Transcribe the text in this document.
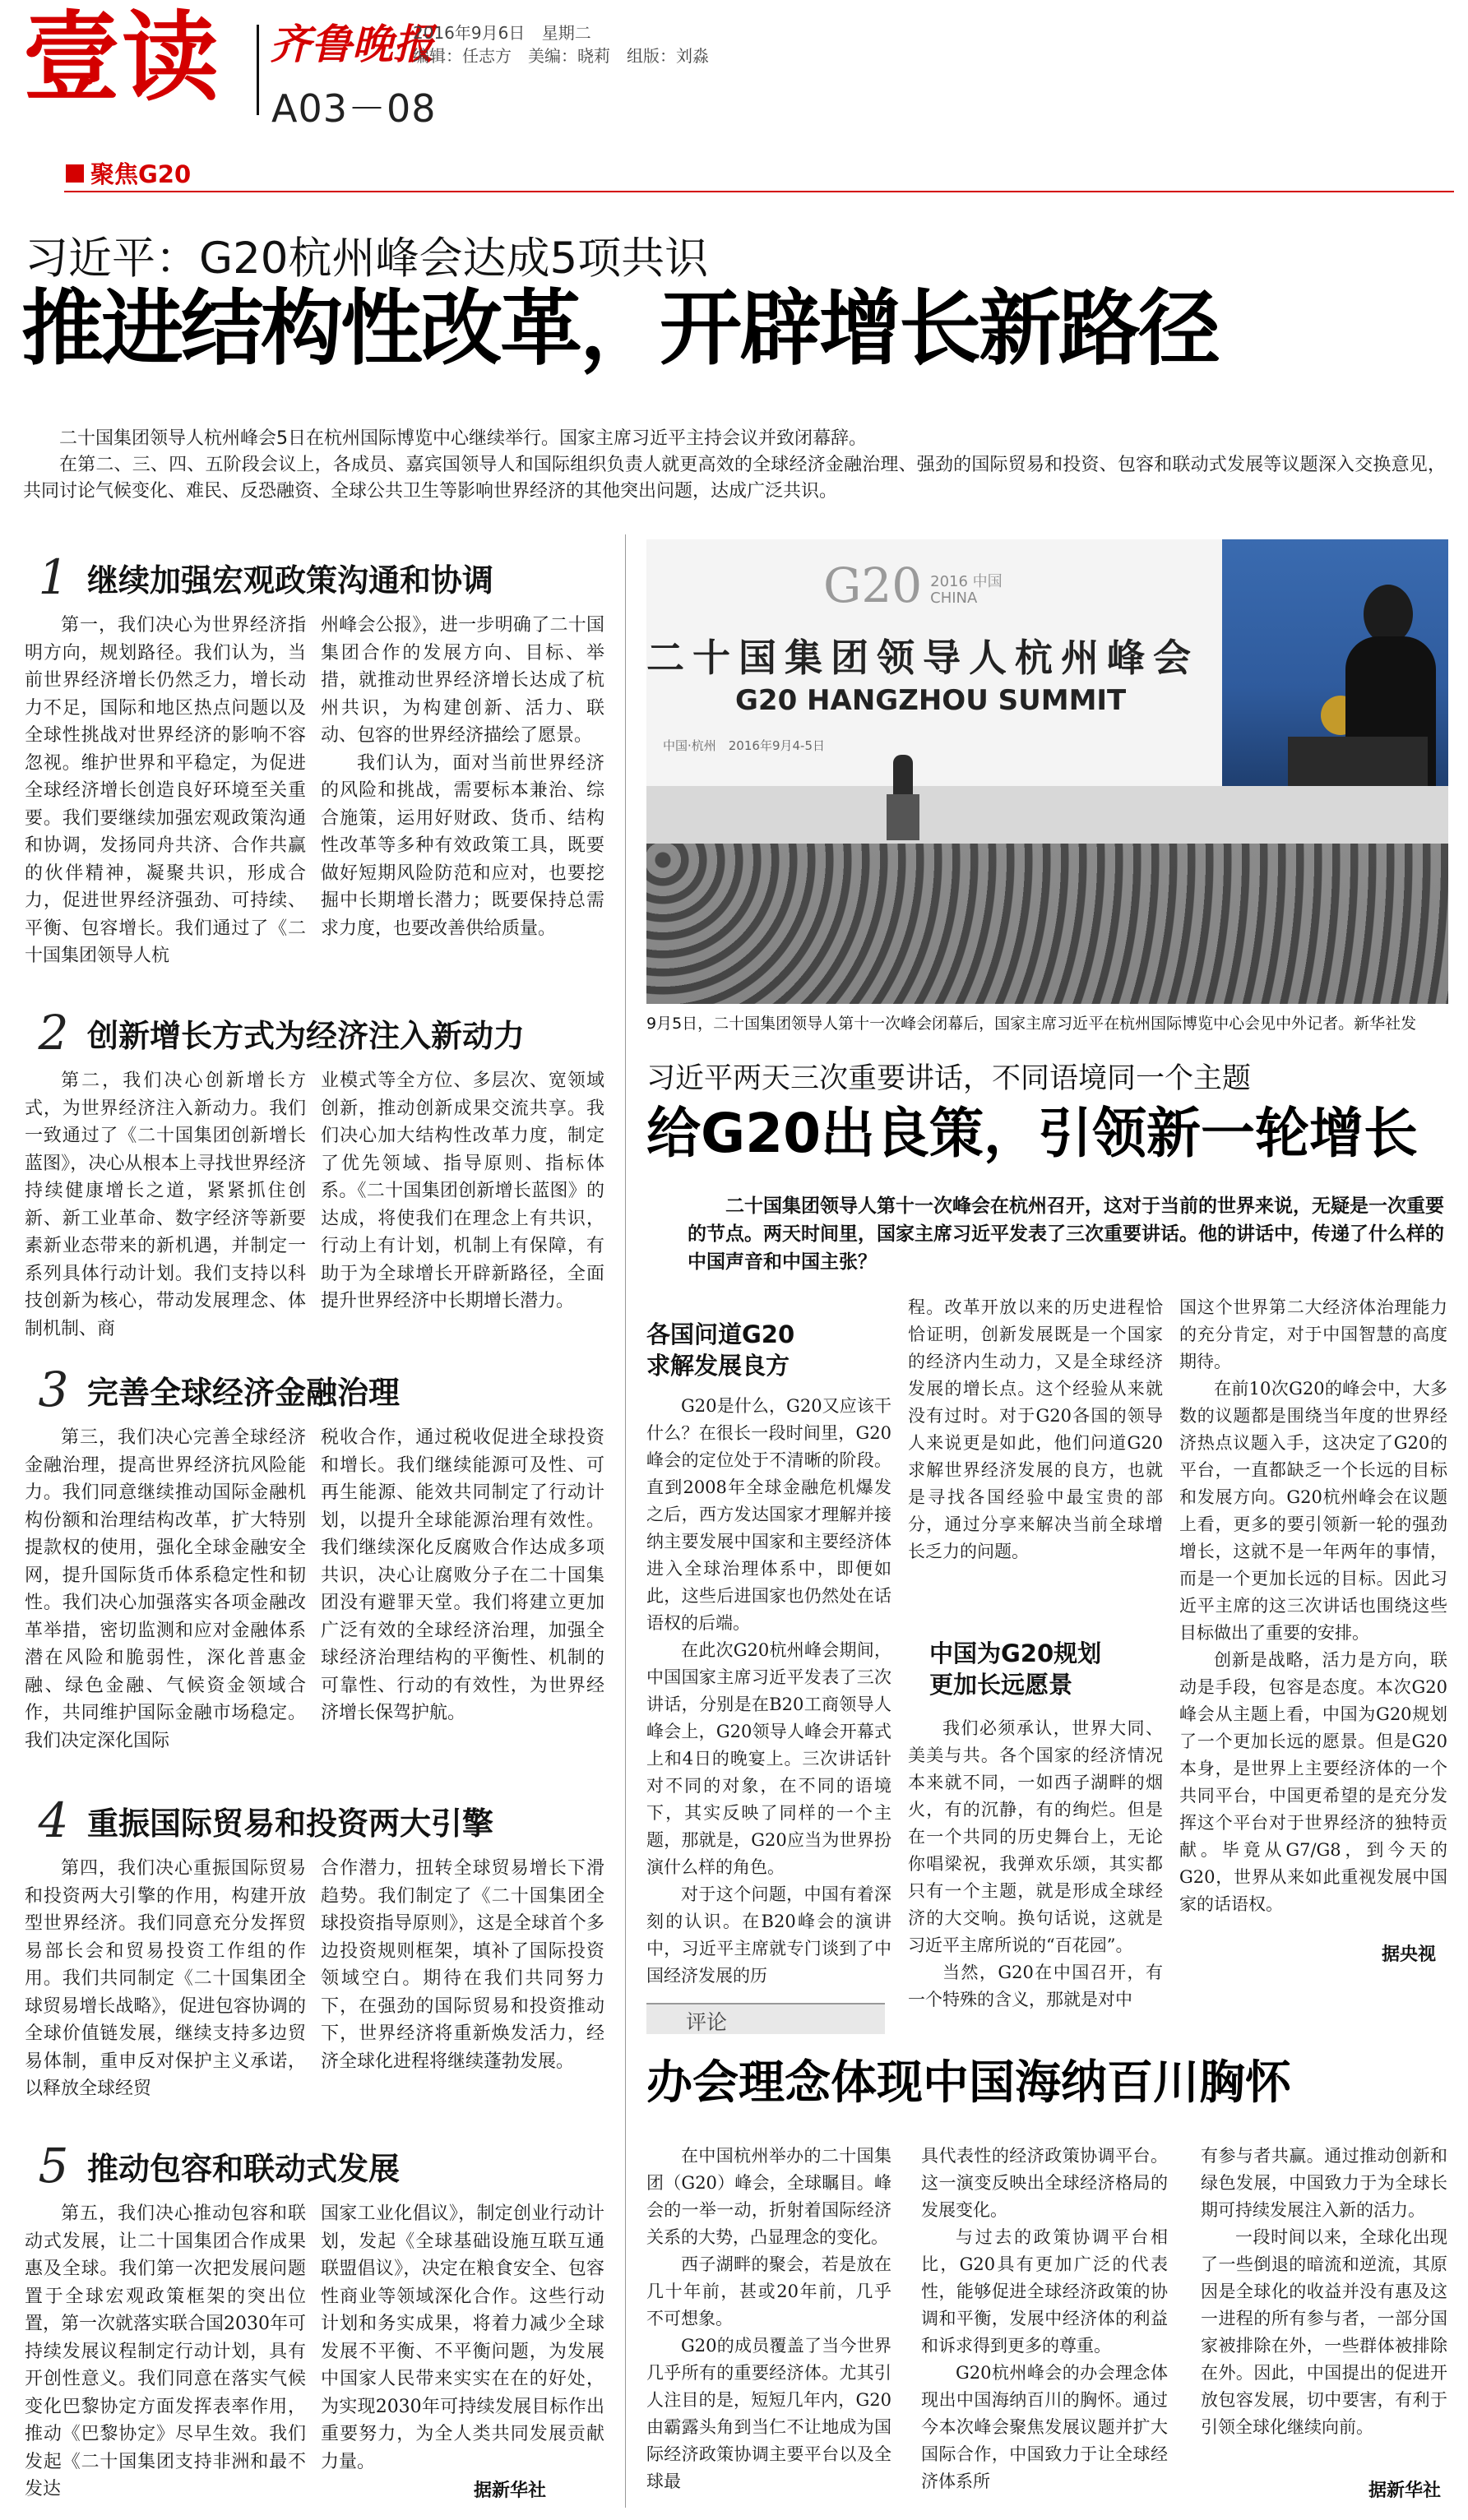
壹读 齐鲁晚报
2016年9月6日 星期二
编辑：任志方　美编：晓莉　组版：刘淼
A03－08
聚焦G20
习近平：G20杭州峰会达成5项共识
推进结构性改革，开辟增长新路径

二十国集团领导人杭州峰会5日在杭州国际博览中心继续举行。国家主席习近平主持会议并致闭幕辞。

在第二、三、四、五阶段会议上，各成员、嘉宾国领导人和国际组织负责人就更高效的全球经济金融治理、强劲的国际贸易和投资、包容和联动式发展等议题深入交换意见，共同讨论气候变化、难民、反恐融资、全球公共卫生等影响世界经济的其他突出问题，达成广泛共识。

1 继续加强宏观政策沟通和协调

第一，我们决心为世界经济指明方向，规划路径。我们认为，当前世界经济增长仍然乏力，增长动力不足，国际和地区热点问题以及全球性挑战对世界经济的影响不容忽视。维护世界和平稳定，为促进全球经济增长创造良好环境至关重要。我们要继续加强宏观政策沟通和协调，发扬同舟共济、合作共赢的伙伴精神，凝聚共识，形成合力，促进世界经济强劲、可持续、平衡、包容增长。我们通过了《二十国集团领导人杭

州峰会公报》，进一步明确了二十国集团合作的发展方向、目标、举措，就推动世界经济增长达成了杭州共识，为构建创新、活力、联动、包容的世界经济描绘了愿景。

我们认为，面对当前世界经济的风险和挑战，需要标本兼治、综合施策，运用好财政、货币、结构性改革等多种有效政策工具，既要做好短期风险防范和应对，也要挖掘中长期增长潜力；既要保持总需求力度，也要改善供给质量。

2 创新增长方式为经济注入新动力

第二，我们决心创新增长方式，为世界经济注入新动力。我们一致通过了《二十国集团创新增长蓝图》，决心从根本上寻找世界经济持续健康增长之道，紧紧抓住创新、新工业革命、数字经济等新要素新业态带来的新机遇，并制定一系列具体行动计划。我们支持以科技创新为核心，带动发展理念、体制机制、商

业模式等全方位、多层次、宽领域创新，推动创新成果交流共享。我们决心加大结构性改革力度，制定了优先领域、指导原则、指标体系。《二十国集团创新增长蓝图》的达成，将使我们在理念上有共识，行动上有计划，机制上有保障，有助于为全球增长开辟新路径，全面提升世界经济中长期增长潜力。

3 完善全球经济金融治理

第三，我们决心完善全球经济金融治理，提高世界经济抗风险能力。我们同意继续推动国际金融机构份额和治理结构改革，扩大特别提款权的使用，强化全球金融安全网，提升国际货币体系稳定性和韧性。我们决心加强落实各项金融改革举措，密切监测和应对金融体系潜在风险和脆弱性，深化普惠金融、绿色金融、气候资金领域合作，共同维护国际金融市场稳定。我们决定深化国际

税收合作，通过税收促进全球投资和增长。我们继续能源可及性、可再生能源、能效共同制定了行动计划，以提升全球能源治理有效性。我们继续深化反腐败合作达成多项共识，决心让腐败分子在二十国集团没有避罪天堂。我们将建立更加广泛有效的全球经济治理，加强全球经济治理结构的平衡性、机制的可靠性、行动的有效性，为世界经济增长保驾护航。

4 重振国际贸易和投资两大引擎

第四，我们决心重振国际贸易和投资两大引擎的作用，构建开放型世界经济。我们同意充分发挥贸易部长会和贸易投资工作组的作用。我们共同制定《二十国集团全球贸易增长战略》，促进包容协调的全球价值链发展，继续支持多边贸易体制，重申反对保护主义承诺，以释放全球经贸

合作潜力，扭转全球贸易增长下滑趋势。我们制定了《二十国集团全球投资指导原则》，这是全球首个多边投资规则框架，填补了国际投资领域空白。期待在我们共同努力下，在强劲的国际贸易和投资推动下，世界经济将重新焕发活力，经济全球化进程将继续蓬勃发展。

5 推动包容和联动式发展

第五，我们决心推动包容和联动式发展，让二十国集团合作成果惠及全球。我们第一次把发展问题置于全球宏观政策框架的突出位置，第一次就落实联合国2030年可持续发展议程制定行动计划，具有开创性意义。我们同意在落实气候变化巴黎协定方面发挥表率作用，推动《巴黎协定》尽早生效。我们发起《二十国集团支持非洲和最不发达

国家工业化倡议》，制定创业行动计划，发起《全球基础设施互联互通联盟倡议》，决定在粮食安全、包容性商业等领域深化合作。这些行动计划和务实成果，将着力减少全球发展不平衡、不平衡问题，为发展中国家人民带来实实在在的好处，为实现2030年可持续发展目标作出重要努力，为全人类共同发展贡献力量。

据新华社
G20 2016 中国
CHINA
二十国集团领导人杭州峰会
G20 HANGZHOU SUMMIT
中国·杭州　2016年9月4-5日
9月5日，二十国集团领导人第十一次峰会闭幕后，国家主席习近平在杭州国际博览中心会见中外记者。新华社发
习近平两天三次重要讲话，不同语境同一个主题
给G20出良策，引领新一轮增长
二十国集团领导人第十一次峰会在杭州召开，这对于当前的世界来说，无疑是一次重要的节点。两天时间里，国家主席习近平发表了三次重要讲话。他的讲话中，传递了什么样的中国声音和中国主张？
各国问道G20
求解发展良方

G20是什么，G20又应该干什么？在很长一段时间里，G20峰会的定位处于不清晰的阶段。直到2008年全球金融危机爆发之后，西方发达国家才理解并接纳主要发展中国家和主要经济体进入全球治理体系中，即便如此，这些后进国家也仍然处在话语权的后端。

在此次G20杭州峰会期间，中国国家主席习近平发表了三次讲话，分别是在B20工商领导人峰会上，G20领导人峰会开幕式上和4日的晚宴上。三次讲话针对不同的对象，在不同的语境下，其实反映了同样的一个主题，那就是，G20应当为世界扮演什么样的角色。

对于这个问题，中国有着深刻的认识。在B20峰会的演讲中，习近平主席就专门谈到了中国经济发展的历

程。改革开放以来的历史进程恰恰证明，创新发展既是一个国家的经济内生动力，又是全球经济发展的增长点。这个经验从来就没有过时。对于G20各国的领导人来说更是如此，他们问道G20求解世界经济发展的良方，也就是寻找各国经验中最宝贵的部分，通过分享来解决当前全球增长乏力的问题。

中国为G20规划
更加长远愿景

我们必须承认，世界大同、美美与共。各个国家的经济情况本来就不同，一如西子湖畔的烟火，有的沉静，有的绚烂。但是在一个共同的历史舞台上，无论你唱梁祝，我弹欢乐颂，其实都只有一个主题，就是形成全球经济的大交响。换句话说，这就是习近平主席所说的“百花园”。

当然，G20在中国召开，有一个特殊的含义，那就是对中

国这个世界第二大经济体治理能力的充分肯定，对于中国智慧的高度期待。

在前10次G20的峰会中，大多数的议题都是围绕当年度的世界经济热点议题入手，这决定了G20的平台，一直都缺乏一个长远的目标和发展方向。G20杭州峰会在议题上看，更多的要引领新一轮的强劲增长，这就不是一年两年的事情，而是一个更加长远的目标。因此习近平主席的这三次讲话也围绕这些目标做出了重要的安排。

创新是战略，活力是方向，联动是手段，包容是态度。本次G20峰会从主题上看，中国为G20规划了一个更加长远的愿景。但是G20本身，是世界上主要经济体的一个共同平台，中国更希望的是充分发挥这个平台对于世界经济的独特贡献。毕竟从G7/G8，到今天的G20，世界从来如此重视发展中国家的话语权。

据央视
评论
办会理念体现中国海纳百川胸怀

在中国杭州举办的二十国集团（G20）峰会，全球瞩目。峰会的一举一动，折射着国际经济关系的大势，凸显理念的变化。

西子湖畔的聚会，若是放在几十年前，甚或20年前，几乎不可想象。

G20的成员覆盖了当今世界几乎所有的重要经济体。尤其引人注目的是，短短几年内，G20由霸露头角到当仁不让地成为国际经济政策协调主要平台以及全球最

具代表性的经济政策协调平台。这一演变反映出全球经济格局的发展变化。

与过去的政策协调平台相比，G20具有更加广泛的代表性，能够促进全球经济政策的协调和平衡，发展中经济体的利益和诉求得到更多的尊重。

G20杭州峰会的办会理念体现出中国海纳百川的胸怀。通过今本次峰会聚焦发展议题并扩大国际合作，中国致力于让全球经济体系所

有参与者共赢。通过推动创新和绿色发展，中国致力于为全球长期可持续发展注入新的活力。

一段时间以来，全球化出现了一些倒退的暗流和逆流，其原因是全球化的收益并没有惠及这一进程的所有参与者，一部分国家被排除在外，一些群体被排除在外。因此，中国提出的促进开放包容发展，切中要害，有利于引领全球化继续向前。

据新华社
